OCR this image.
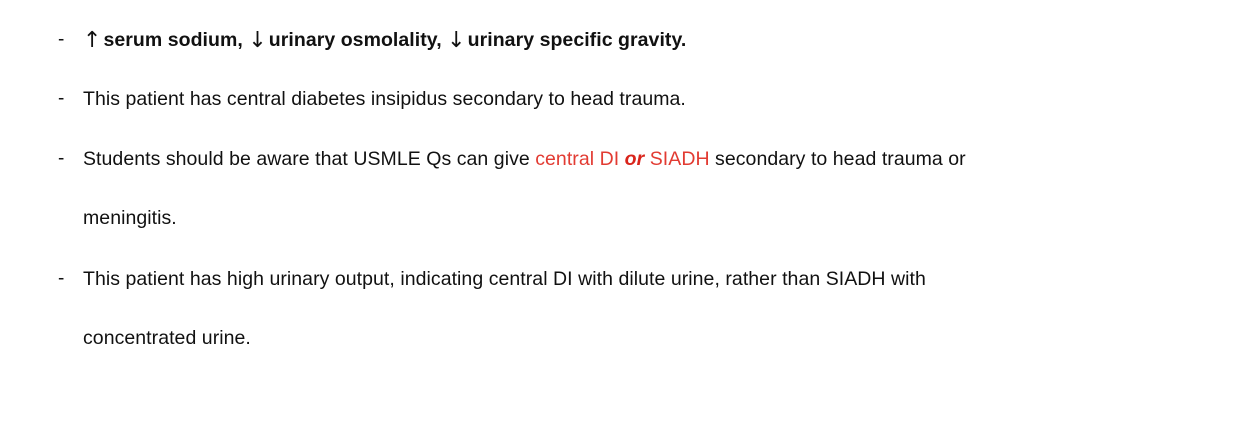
- ↑ serum sodium, ↓ urinary osmolality, ↓ urinary specific gravity.
- This patient has central diabetes insipidus secondary to head trauma.
- Students should be aware that USMLE Qs can give central DI or SIADH secondary to head trauma or
meningitis.
- This patient has high urinary output, indicating central DI with dilute urine, rather than SIADH with
concentrated urine.
